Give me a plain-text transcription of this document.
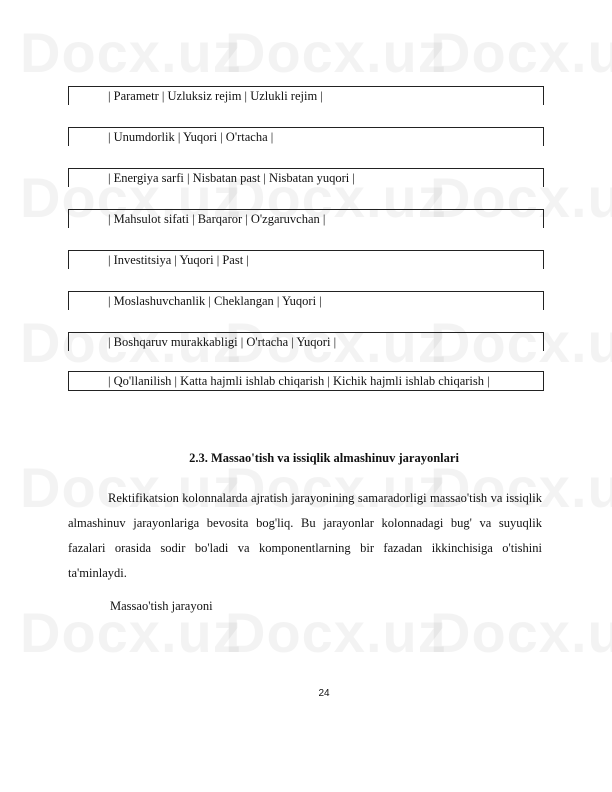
| Parametr | Uzluksiz rejim | Uzlukli rejim |
| Unumdorlik | Yuqori | O'rtacha |
| Energiya sarfi | Nisbatan past | Nisbatan yuqori |
| Mahsulot sifati | Barqaror | O'zgaruvchan |
| Investitsiya | Yuqori | Past |
| Moslashuvchanlik | Cheklangan | Yuqori |
| Boshqaruv murakkabligi | O'rtacha | Yuqori |
| Qo'llanilish | Katta hajmli ishlab chiqarish | Kichik hajmli ishlab chiqarish |
2.3. Massao'tish va issiqlik almashinuv jarayonlari
Rektifikatsion kolonnalarda ajratish jarayonining samaradorligi massao'tish va issiqlik almashinuv jarayonlariga bevosita bog'liq. Bu jarayonlar kolonnadagi bug' va suyuqlik fazalari orasida sodir bo'ladi va komponentlarning bir fazadan ikkinchisiga o'tishini ta'minlaydi.
Massao'tish jarayoni
24
